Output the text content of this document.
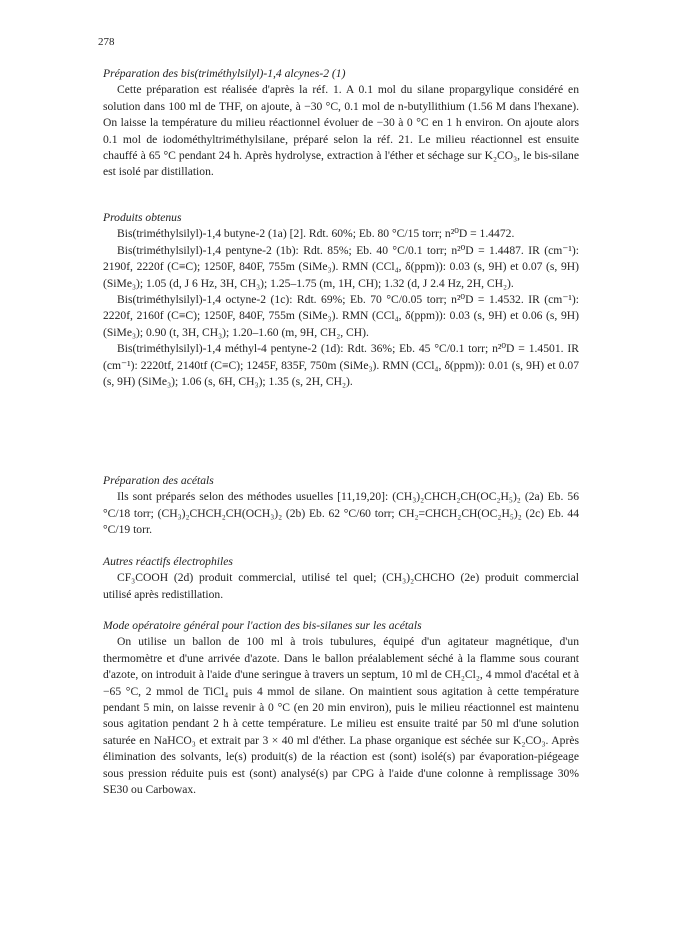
278
Préparation des bis(triméthylsilyl)-1,4 alcynes-2 (1)

Cette préparation est réalisée d'après la réf. 1. A 0.1 mol du silane propargylique considéré en solution dans 100 ml de THF, on ajoute, à −30 °C, 0.1 mol de n-butyllithium (1.56 M dans l'hexane). On laisse la température du milieu réactionnel évoluer de −30 à 0 °C en 1 h environ. On ajoute alors 0.1 mol de iodométhyltriméthylsilane, préparé selon la réf. 21. Le milieu réactionnel est ensuite chauffé à 65 °C pendant 24 h. Après hydrolyse, extraction à l'éther et séchage sur K₂CO₃, le bis-silane est isolé par distillation.

Produits obtenus

Bis(triméthylsilyl)-1,4 butyne-2 (1a) [2]. Rdt. 60%; Eb. 80 °C/15 torr; n²⁰D = 1.4472.

Bis(triméthylsilyl)-1,4 pentyne-2 (1b): Rdt. 85%; Eb. 40 °C/0.1 torr; n²⁰D = 1.4487. IR (cm⁻¹): 2190f, 2220f (C≡C); 1250F, 840F, 755m (SiMe₃). RMN (CCl₄, δ(ppm)): 0.03 (s, 9H) et 0.07 (s, 9H) (SiMe₃); 1.05 (d, J 6 Hz, 3H, CH₃); 1.25–1.75 (m, 1H, CH); 1.32 (d, J 2.4 Hz, 2H, CH₂).

Bis(triméthylsilyl)-1,4 octyne-2 (1c): Rdt. 69%; Eb. 70 °C/0.05 torr; n²⁰D = 1.4532. IR (cm⁻¹): 2220f, 2160f (C≡C); 1250F, 840F, 755m (SiMe₃). RMN (CCl₄, δ(ppm)): 0.03 (s, 9H) et 0.06 (s, 9H) (SiMe₃); 0.90 (t, 3H, CH₃); 1.20–1.60 (m, 9H, CH₂, CH).

Bis(triméthylsilyl)-1,4 méthyl-4 pentyne-2 (1d): Rdt. 36%; Eb. 45 °C/0.1 torr; n²⁰D = 1.4501. IR (cm⁻¹): 2220tf, 2140tf (C≡C); 1245F, 835F, 750m (SiMe₃). RMN (CCl₄, δ(ppm)): 0.01 (s, 9H) et 0.07 (s, 9H) (SiMe₃); 1.06 (s, 6H, CH₃); 1.35 (s, 2H, CH₂).

Préparation des acétals

Ils sont préparés selon des méthodes usuelles [11,19,20]: (CH₃)₂CHCH₂CH(OC₂H₅)₂ (2a) Eb. 56 °C/18 torr; (CH₃)₂CHCH₂CH(OCH₃)₂ (2b) Eb. 62 °C/60 torr; CH₂=CHCH₂CH(OC₂H₅)₂ (2c) Eb. 44 °C/19 torr.

Autres réactifs électrophiles

CF₃COOH (2d) produit commercial, utilisé tel quel; (CH₃)₂CHCHO (2e) produit commercial utilisé après redistillation.

Mode opératoire général pour l'action des bis-silanes sur les acétals

On utilise un ballon de 100 ml à trois tubulures, équipé d'un agitateur magnétique, d'un thermomètre et d'une arrivée d'azote. Dans le ballon préalablement séché à la flamme sous courant d'azote, on introduit à l'aide d'une seringue à travers un septum, 10 ml de CH₂Cl₂, 4 mmol d'acétal et à −65 °C, 2 mmol de TiCl₄ puis 4 mmol de silane. On maintient sous agitation à cette température pendant 5 min, on laisse revenir à 0 °C (en 20 min environ), puis le milieu réactionnel est maintenu sous agitation pendant 2 h à cette température. Le milieu est ensuite traité par 50 ml d'une solution saturée en NaHCO₃ et extrait par 3 × 40 ml d'éther. La phase organique est séchée sur K₂CO₃. Après élimination des solvants, le(s) produit(s) de la réaction est (sont) isolé(s) par évaporation-piégeage sous pression réduite puis est (sont) analysé(s) par CPG à l'aide d'une colonne à remplissage 30% SE30 ou Carbowax.
